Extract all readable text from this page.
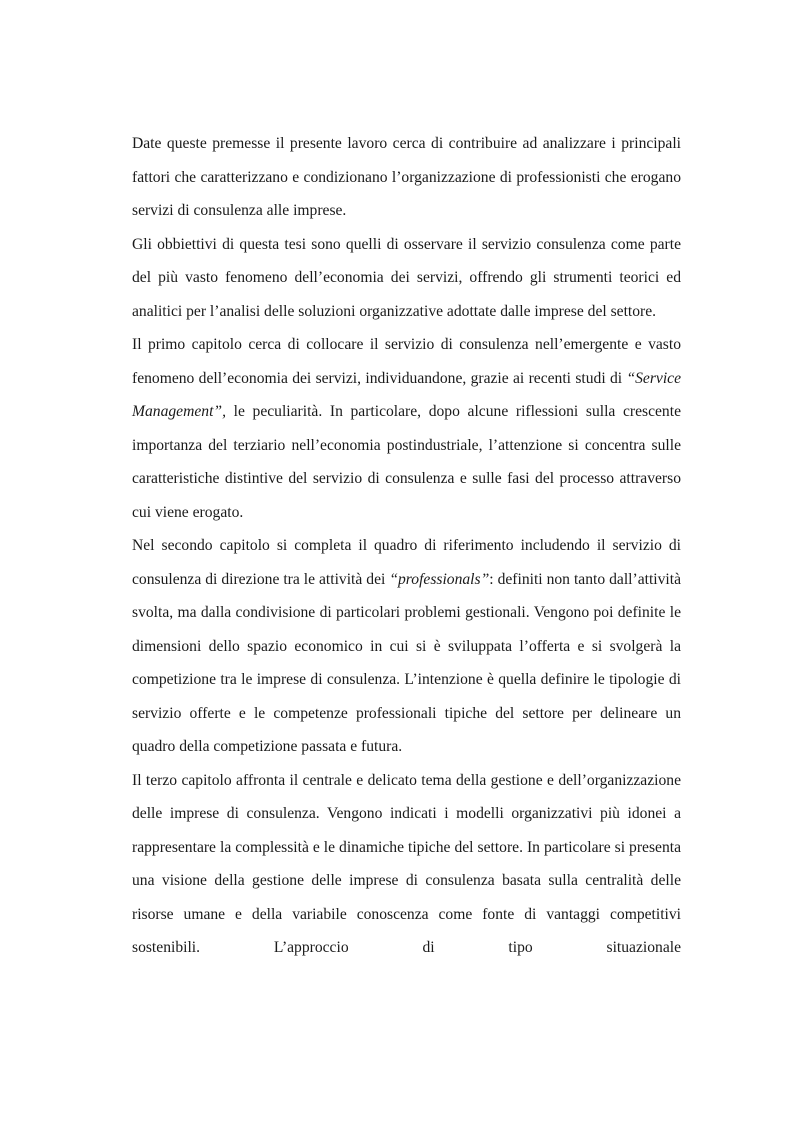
Date queste premesse il presente lavoro cerca di contribuire ad analizzare i principali fattori che caratterizzano e condizionano l’organizzazione di professionisti che erogano servizi di consulenza alle imprese.

Gli obbiettivi di questa tesi sono quelli di osservare il servizio consulenza come parte del più vasto fenomeno dell’economia dei servizi, offrendo gli strumenti teorici ed analitici per l’analisi delle soluzioni organizzative adottate dalle imprese del settore.

Il primo capitolo cerca di collocare il servizio di consulenza nell’emergente e vasto fenomeno dell’economia dei servizi, individuandone, grazie ai recenti studi di “Service Management”, le peculiarità. In particolare, dopo alcune riflessioni sulla crescente importanza del terziario nell’economia postindustriale, l’attenzione si concentra sulle caratteristiche distintive del servizio di consulenza e sulle fasi del processo attraverso cui viene erogato.

Nel secondo capitolo si completa il quadro di riferimento includendo il servizio di consulenza di direzione tra le attività dei “professionals”: definiti non tanto dall’attività svolta, ma dalla condivisione di particolari problemi gestionali. Vengono poi definite le dimensioni dello spazio economico in cui si è sviluppata l’offerta e si svolgerà la competizione tra le imprese di consulenza. L’intenzione è quella definire le tipologie di servizio offerte e le competenze professionali tipiche del settore per delineare un quadro della competizione passata e futura.

Il terzo capitolo affronta il centrale e delicato tema della gestione e dell’organizzazione delle imprese di consulenza. Vengono indicati i modelli organizzativi più idonei a rappresentare la complessità e le dinamiche tipiche del settore. In particolare si presenta una visione della gestione delle imprese di consulenza basata sulla centralità delle risorse umane e della variabile conoscenza come fonte di vantaggi competitivi sostenibili. L’approccio di tipo situazionale
